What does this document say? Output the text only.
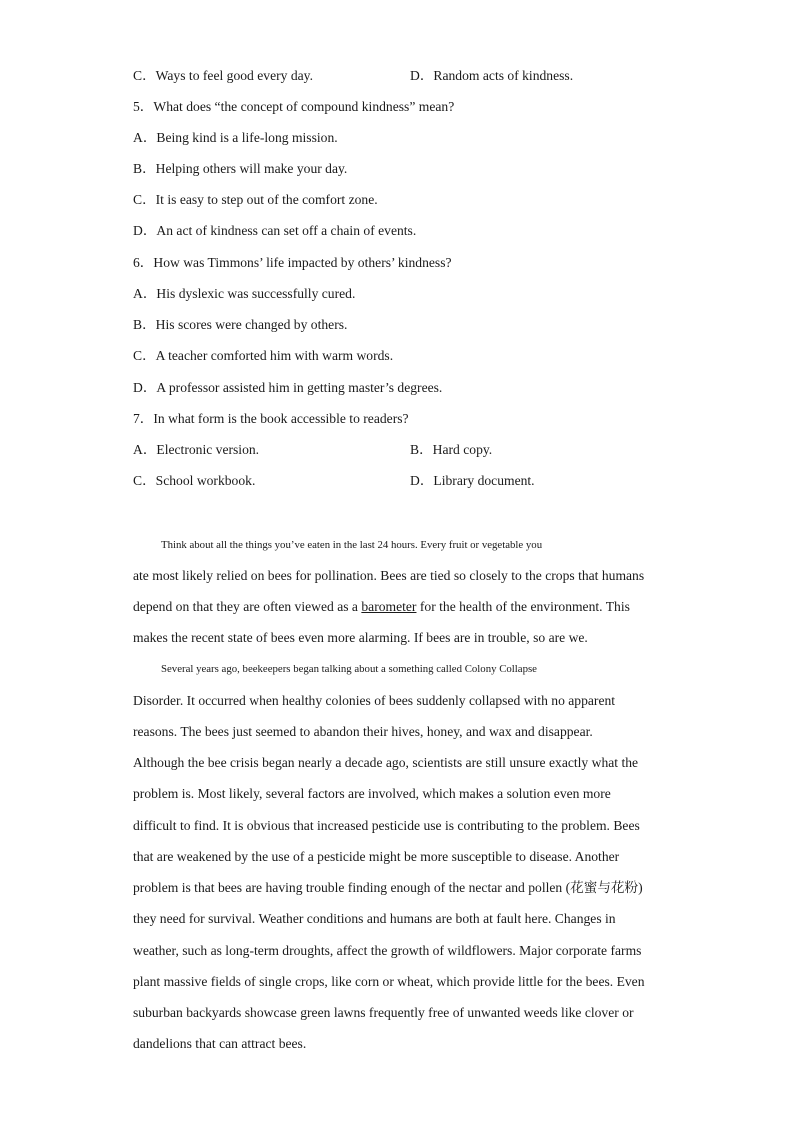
C．Ways to feel good every day.	D．Random acts of kindness.
5．What does “the concept of compound kindness” mean?
A．Being kind is a life-long mission.
B．Helping others will make your day.
C．It is easy to step out of the comfort zone.
D．An act of kindness can set off a chain of events.
6．How was Timmons’ life impacted by others’ kindness?
A．His dyslexic was successfully cured.
B．His scores were changed by others.
C．A teacher comforted him with warm words.
D．A professor assisted him in getting master’s degrees.
7．In what form is the book accessible to readers?
A．Electronic version.	B．Hard copy.
C．School workbook.	D．Library document.
Think about all the things you’ve eaten in the last 24 hours. Every fruit or vegetable you
ate most likely relied on bees for pollination. Bees are tied so closely to the crops that humans
depend on that they are often viewed as a barometer for the health of the environment. This
makes the recent state of bees even more alarming. If bees are in trouble, so are we.
Several years ago, beekeepers began talking about a something called Colony Collapse
Disorder. It occurred when healthy colonies of bees suddenly collapsed with no apparent
reasons. The bees just seemed to abandon their hives, honey, and wax and disappear.
Although the bee crisis began nearly a decade ago, scientists are still unsure exactly what the
problem is. Most likely, several factors are involved, which makes a solution even more
difficult to find. It is obvious that increased pesticide use is contributing to the problem. Bees
that are weakened by the use of a pesticide might be more susceptible to disease. Another
problem is that bees are having trouble finding enough of the nectar and pollen (花蜜与花粉)
they need for survival. Weather conditions and humans are both at fault here. Changes in
weather, such as long-term droughts, affect the growth of wildflowers. Major corporate farms
plant massive fields of single crops, like corn or wheat, which provide little for the bees. Even
suburban backyards showcase green lawns frequently free of unwanted weeds like clover or
dandelions that can attract bees.
